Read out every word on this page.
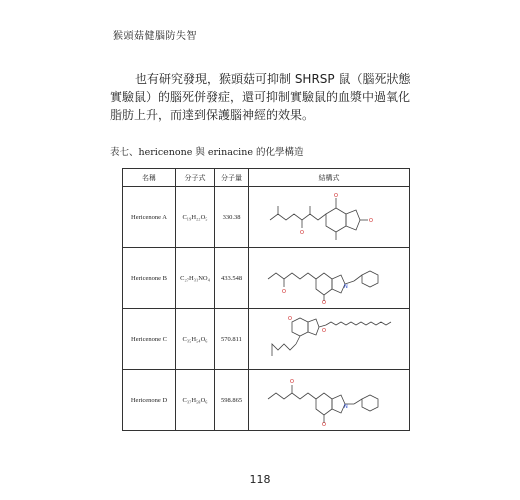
猴頭菇健腦防失智

也有研究發現，猴頭菇可抑制 SHRSP 鼠（腦死狀態實驗鼠）的腦死併發症，還可抑制實驗鼠的血漿中過氧化脂肪上升，而達到保護腦神經的效果。

表七、hericenone 與 erinacine 的化學構造
名稱	分子式	分子量	結構式
Hericenone A	C₁₉H₂₂O₅	330.38	O
O
O

Hericenone B	C₂₇H₃₁NO₄	433.548	N
O
O

Hericenone C	C₃₅H₅₄O₆	570.811	O
O

Hericenone D	C₃₇H₅₈O₆	598.865	N
O
O
118
